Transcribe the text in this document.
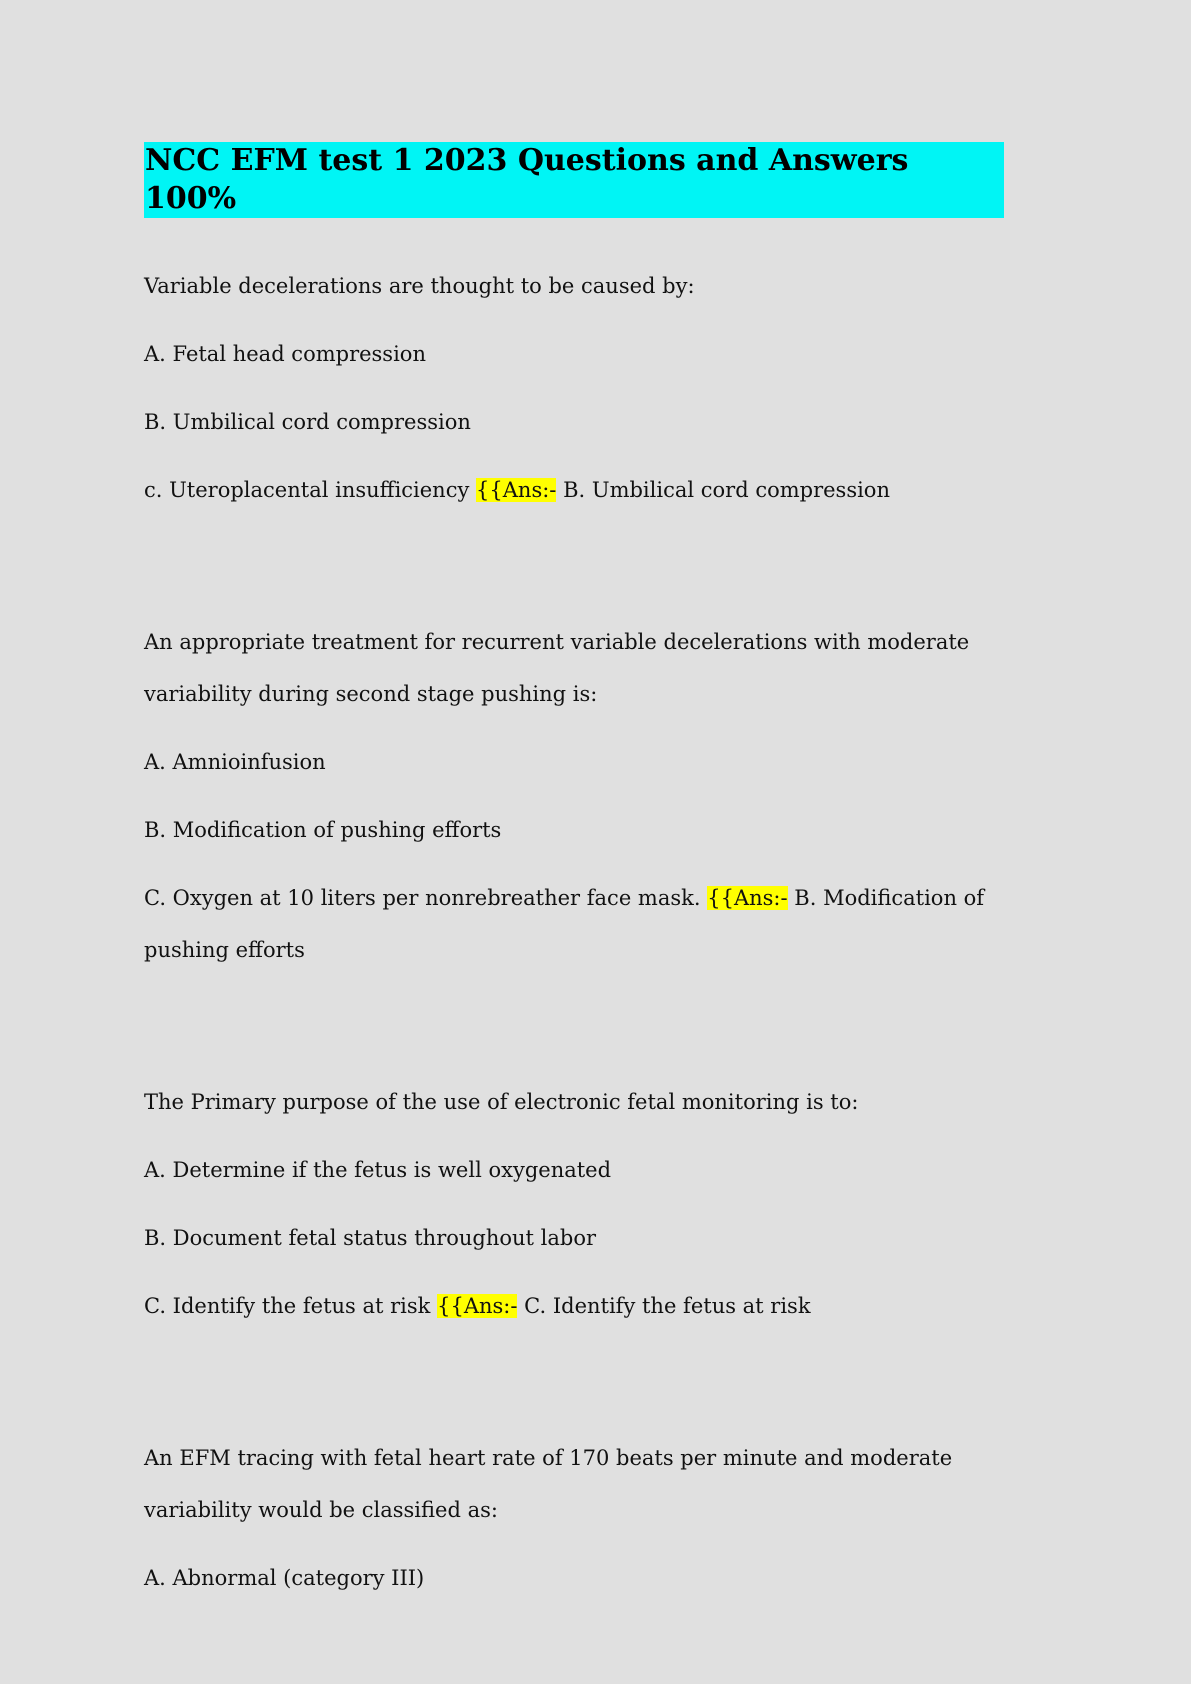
NCC EFM test 1 2023 Questions and Answers 100%

Variable decelerations are thought to be caused by:

A. Fetal head compression

B. Umbilical cord compression

c. Uteroplacental insufficiency {{Ans:- B. Umbilical cord compression

An appropriate treatment for recurrent variable decelerations with moderate variability during second stage pushing is:

A. Amnioinfusion

B. Modification of pushing efforts

C. Oxygen at 10 liters per nonrebreather face mask. {{Ans:- B. Modification of pushing efforts

The Primary purpose of the use of electronic fetal monitoring is to:

A. Determine if the fetus is well oxygenated

B. Document fetal status throughout labor

C. Identify the fetus at risk {{Ans:- C. Identify the fetus at risk

An EFM tracing with fetal heart rate of 170 beats per minute and moderate variability would be classified as:

A. Abnormal (category III)
